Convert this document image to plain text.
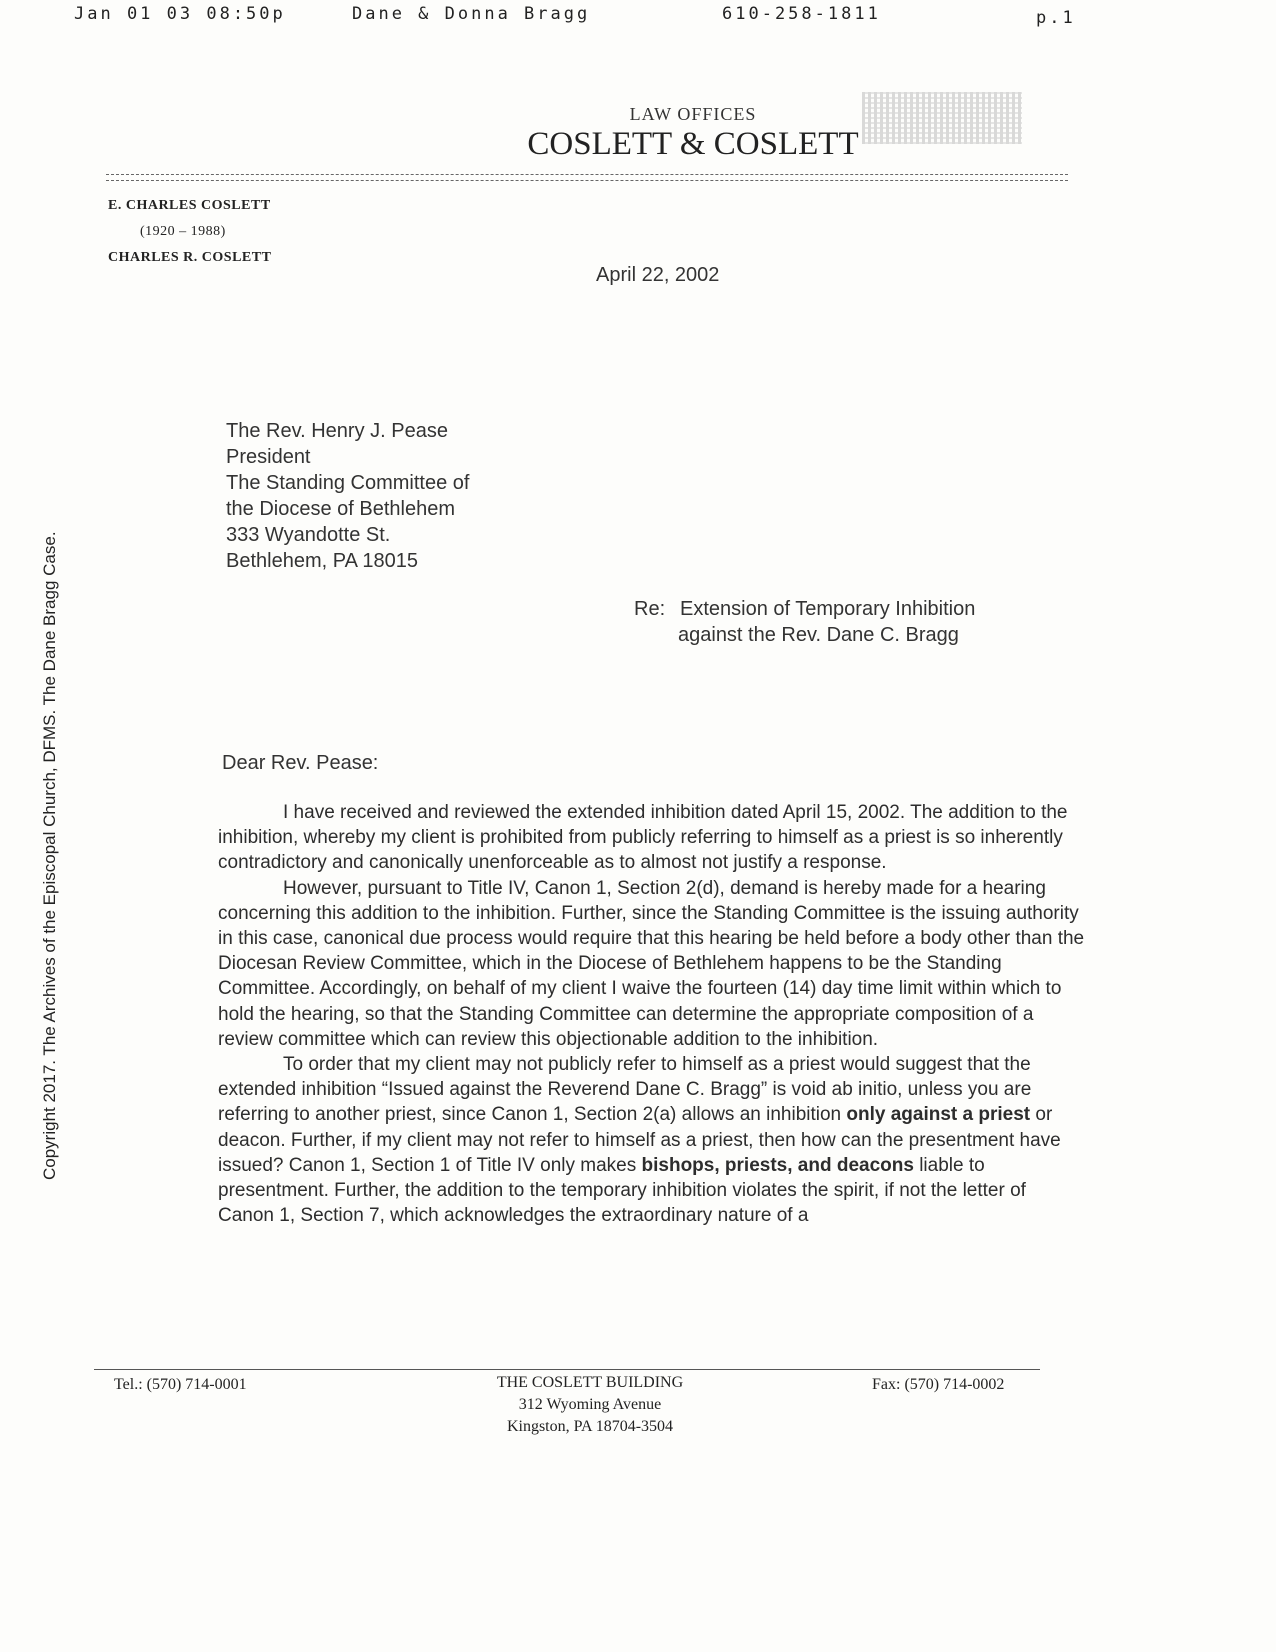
Jan 01 03 08:50p	Dane & Donna Bragg	610-258-1811	p.1
LAW OFFICES
COSLETT & COSLETT
E. CHARLES COSLETT
(1920 – 1988)
CHARLES R. COSLETT
April 22, 2002
The Rev. Henry J. Pease
President
The Standing Committee of
the Diocese of Bethlehem
333 Wyandotte St.
Bethlehem, PA 18015
Re: Extension of Temporary Inhibition
against the Rev. Dane C. Bragg
Dear Rev. Pease:

I have received and reviewed the extended inhibition dated April 15, 2002. The addition to the inhibition, whereby my client is prohibited from publicly referring to himself as a priest is so inherently contradictory and canonically unenforceable as to almost not justify a response.

However, pursuant to Title IV, Canon 1, Section 2(d), demand is hereby made for a hearing concerning this addition to the inhibition. Further, since the Standing Committee is the issuing authority in this case, canonical due process would require that this hearing be held before a body other than the Diocesan Review Committee, which in the Diocese of Bethlehem happens to be the Standing Committee. Accordingly, on behalf of my client I waive the fourteen (14) day time limit within which to hold the hearing, so that the Standing Committee can determine the appropriate composition of a review committee which can review this objectionable addition to the inhibition.

To order that my client may not publicly refer to himself as a priest would suggest that the extended inhibition “Issued against the Reverend Dane C. Bragg” is void ab initio, unless you are referring to another priest, since Canon 1, Section 2(a) allows an inhibition only against a priest or deacon. Further, if my client may not refer to himself as a priest, then how can the presentment have issued? Canon 1, Section 1 of Title IV only makes bishops, priests, and deacons liable to presentment. Further, the addition to the temporary inhibition violates the spirit, if not the letter of Canon 1, Section 7, which acknowledges the extraordinary nature of a

Tel.: (570) 714-0001	THE COSLETT BUILDING
312 Wyoming Avenue
Kingston, PA 18704-3504
Fax: (570) 714-0002
Copyright 2017. The Archives of the Episcopal Church, DFMS. The Dane Bragg Case.
